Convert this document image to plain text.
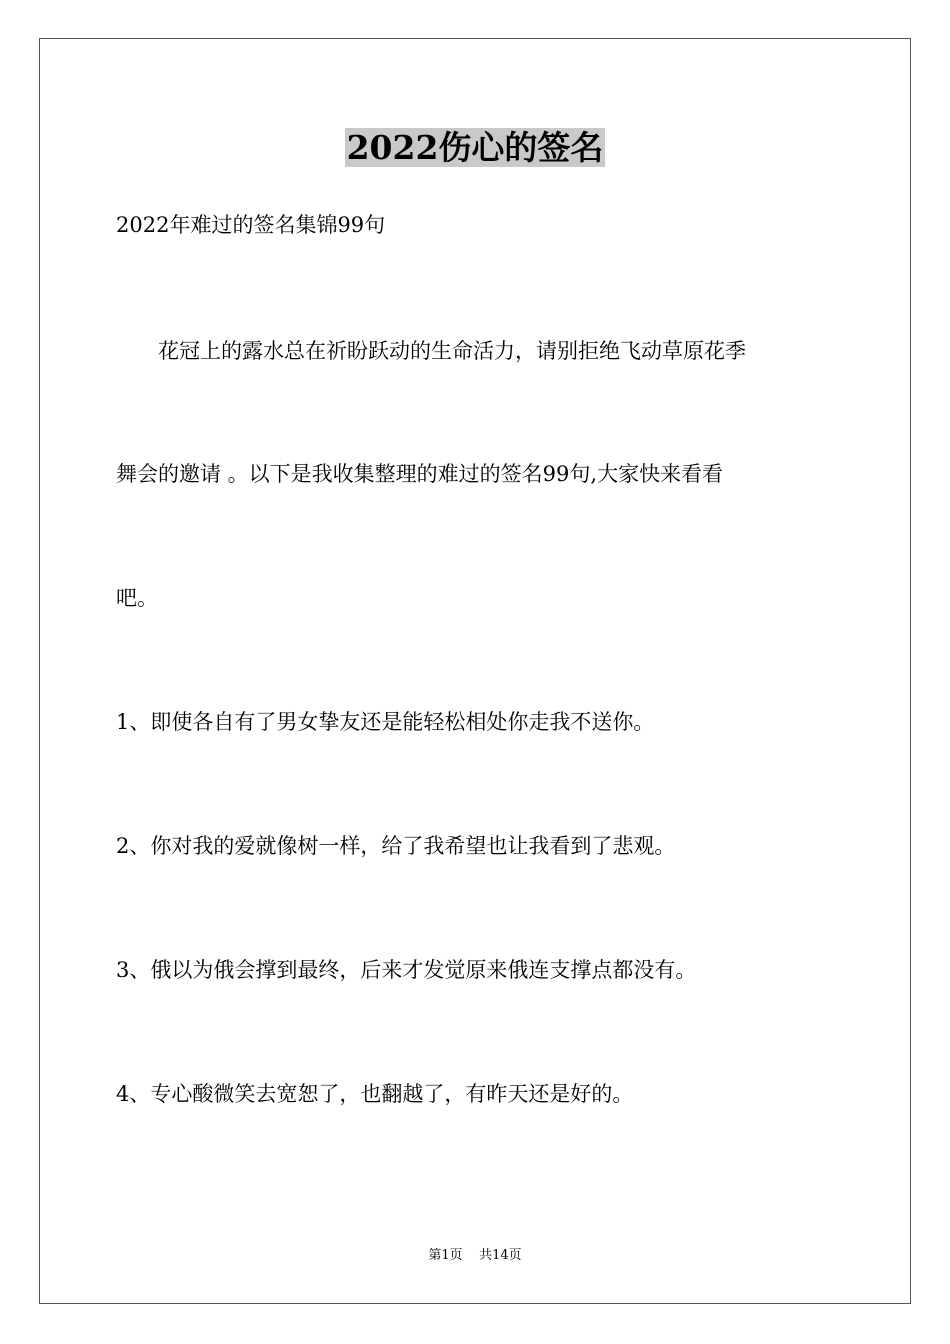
2022伤心的签名
2022年难过的签名集锦99句
　　花冠上的露水总在祈盼跃动的生命活力，请别拒绝飞动草原花季
舞会的邀请 。以下是我收集整理的难过的签名99句,大家快来看看
吧。
1、即使各自有了男女挚友还是能轻松相处你走我不送你。
2、你对我的爱就像树一样，给了我希望也让我看到了悲观。
3、俄以为俄会撑到最终，后来才发觉原来俄连支撑点都没有。
4、专心酸微笑去宽恕了，也翻越了，有昨天还是好的。
第1页 共14页
